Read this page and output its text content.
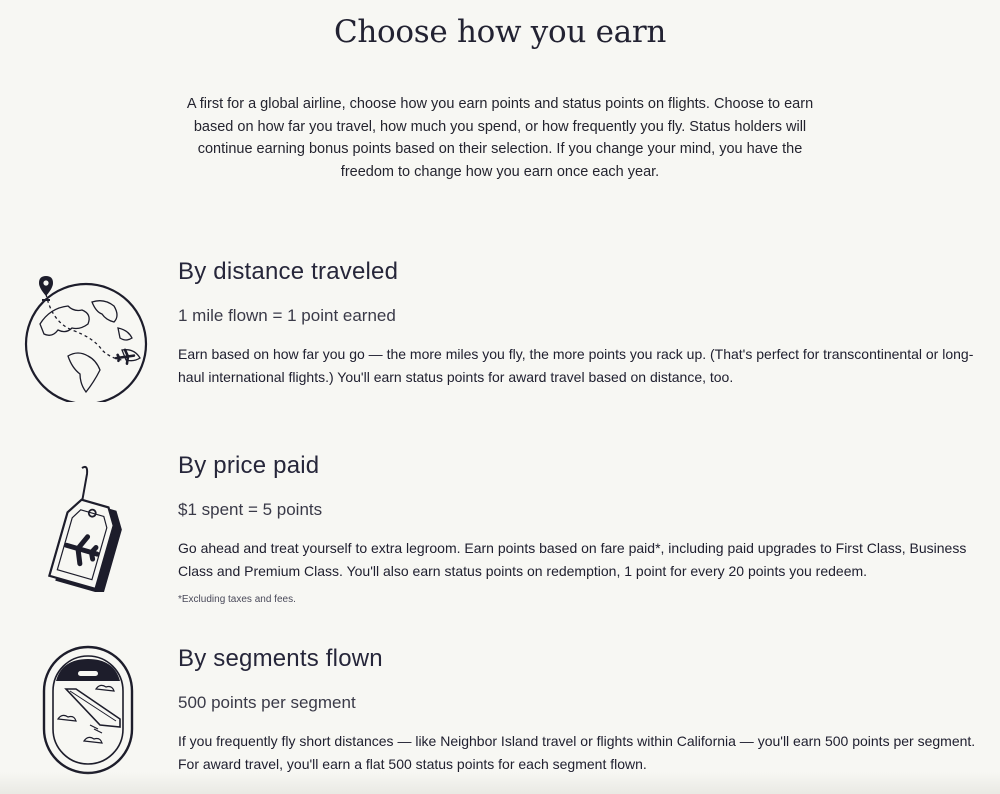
Choose how you earn

A first for a global airline, choose how you earn points and status points on flights. Choose to earn based on how far you travel, how much you spend, or how frequently you fly. Status holders will continue earning bonus points based on their selection. If you change your mind, you have the freedom to change how you earn once each year.

By distance traveled
1 mile flown = 1 point earned

Earn based on how far you go — the more miles you fly, the more points you rack up. (That's perfect for transcontinental or long-haul international flights.) You'll earn status points for award travel based on distance, too.

By price paid
$1 spent = 5 points

Go ahead and treat yourself to extra legroom. Earn points based on fare paid*, including paid upgrades to First Class, Business Class and Premium Class. You'll also earn status points on redemption, 1 point for every 20 points you redeem.

*Excluding taxes and fees.
By segments flown
500 points per segment

If you frequently fly short distances — like Neighbor Island travel or flights within California — you'll earn 500 points per segment. For award travel, you'll earn a flat 500 status points for each segment flown.
